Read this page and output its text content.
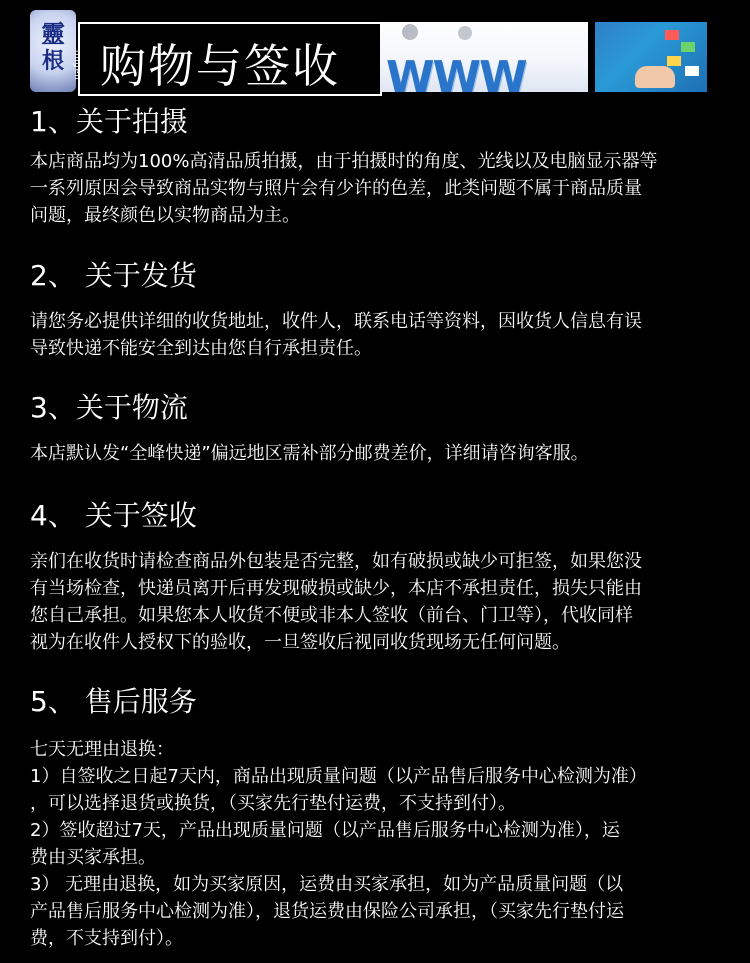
靈
根 购物与签收 WWW
1、关于拍摄
本店商品均为100%高清品质拍摄，由于拍摄时的角度、光线以及电脑显示器等
一系列原因会导致商品实物与照片会有少许的色差，此类问题不属于商品质量
问题，最终颜色以实物商品为主。
2、 关于发货
请您务必提供详细的收货地址，收件人，联系电话等资料，因收货人信息有误
导致快递不能安全到达由您自行承担责任。
3、关于物流
本店默认发“全峰快递”偏远地区需补部分邮费差价，详细请咨询客服。
4、 关于签收
亲们在收货时请检查商品外包装是否完整，如有破损或缺少可拒签，如果您没
有当场检查，快递员离开后再发现破损或缺少，本店不承担责任，损失只能由
您自己承担。如果您本人收货不便或非本人签收（前台、门卫等），代收同样
视为在收件人授权下的验收，一旦签收后视同收货现场无任何问题。
5、 售后服务
七天无理由退换：
1）自签收之日起7天内，商品出现质量问题（以产品售后服务中心检测为准）
，可以选择退货或换货，（买家先行垫付运费，不支持到付）。
2）签收超过7天，产品出现质量问题（以产品售后服务中心检测为准），运
费由买家承担。
3） 无理由退换，如为买家原因，运费由买家承担，如为产品质量问题（以
产品售后服务中心检测为准），退货运费由保险公司承担，（买家先行垫付运
费，不支持到付）。
